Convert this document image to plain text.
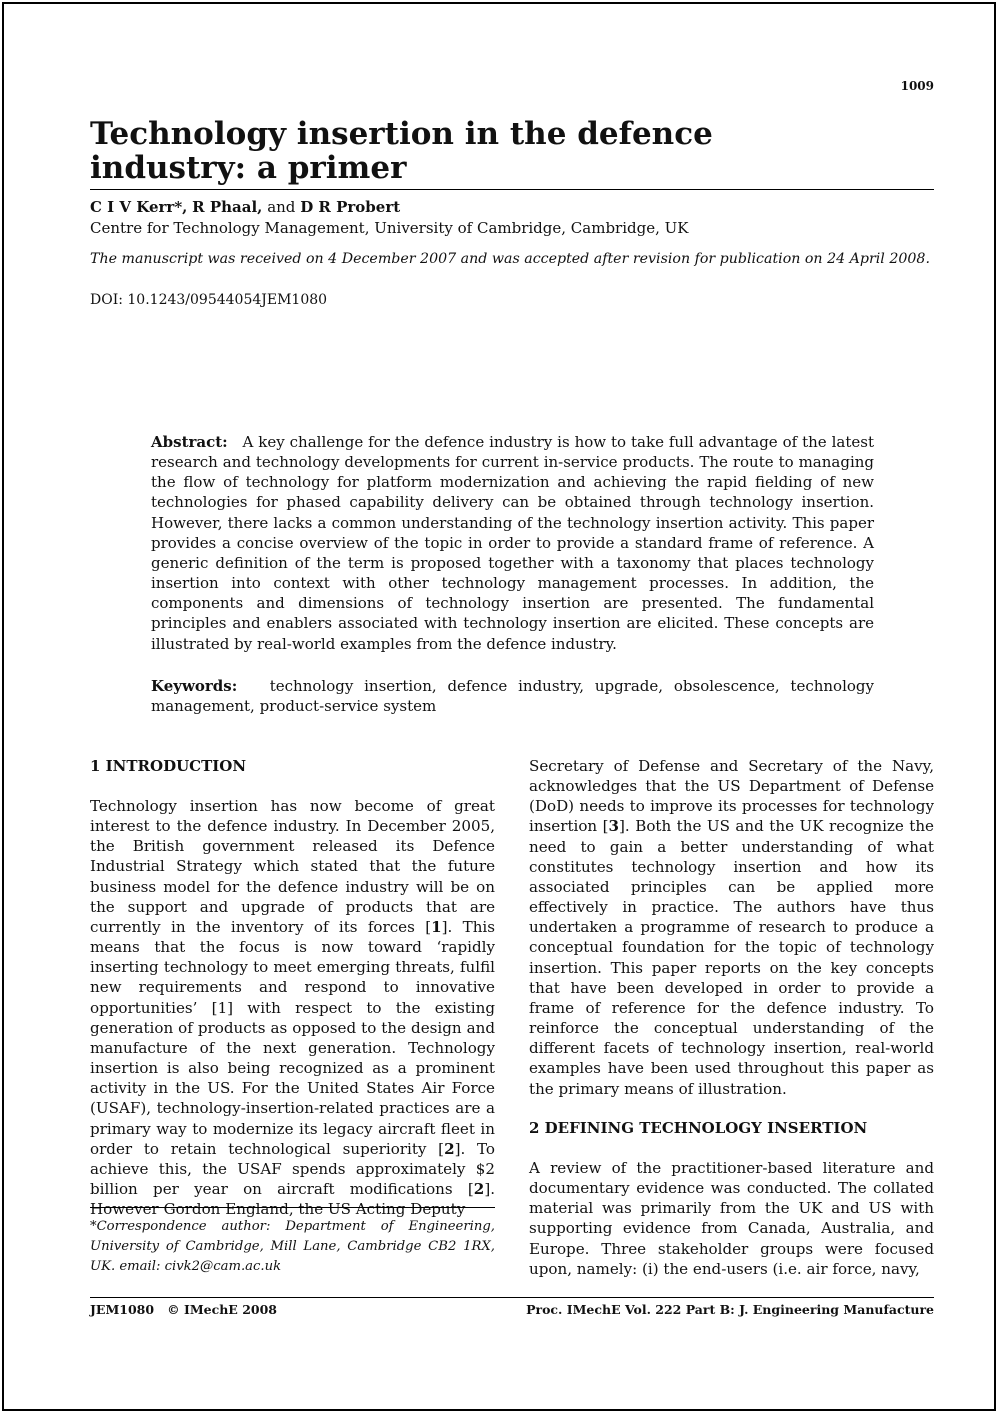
1009
Technology insertion in the defence
industry: a primer
C I V Kerr*, R Phaal, and D R Probert
Centre for Technology Management, University of Cambridge, Cambridge, UK
The manuscript was received on 4 December 2007 and was accepted after revision for publication on 24 April 2008.
DOI: 10.1243/09544054JEM1080

Abstract: A key challenge for the defence industry is how to take full advantage of the latest research and technology developments for current in-service products. The route to managing the flow of technology for platform modernization and achieving the rapid fielding of new technologies for phased capability delivery can be obtained through technology insertion. However, there lacks a common understanding of the technology insertion activity. This paper provides a concise overview of the topic in order to provide a standard frame of reference. A generic definition of the term is proposed together with a taxonomy that places technology insertion into context with other technology management processes. In addition, the components and dimensions of technology insertion are presented. The fundamental principles and enablers associated with technology insertion are elicited. These concepts are illustrated by real-world examples from the defence industry.

Keywords: technology insertion, defence industry, upgrade, obsolescence, technology management, product-service system

1 INTRODUCTION

Technology insertion has now become of great interest to the defence industry. In December 2005, the British government released its Defence Industrial Strategy which stated that the future business model for the defence industry will be on the support and upgrade of products that are currently in the inventory of its forces [1]. This means that the focus is now toward ‘rapidly inserting technology to meet emerging threats, fulfil new requirements and respond to innovative opportunities’ [1] with respect to the existing generation of products as opposed to the design and manufacture of the next generation. Technology insertion is also being recognized as a prominent activity in the US. For the United States Air Force (USAF), technology-insertion-related practices are a primary way to modernize its legacy aircraft fleet in order to retain technological superiority [2]. To achieve this, the USAF spends approximately $2 billion per year on aircraft modifications [2]. However Gordon England, the US Acting Deputy

*Correspondence author: Department of Engineering, University of Cambridge, Mill Lane, Cambridge CB2 1RX, UK. email: civk2@cam.ac.uk

Secretary of Defense and Secretary of the Navy, acknowledges that the US Department of Defense (DoD) needs to improve its processes for technology insertion [3]. Both the US and the UK recognize the need to gain a better understanding of what constitutes technology insertion and how its associated principles can be applied more effectively in practice. The authors have thus undertaken a programme of research to produce a conceptual foundation for the topic of technology insertion. This paper reports on the key concepts that have been developed in order to provide a frame of reference for the defence industry. To reinforce the conceptual understanding of the different facets of technology insertion, real-world examples have been used throughout this paper as the primary means of illustration.

2 DEFINING TECHNOLOGY INSERTION

A review of the practitioner-based literature and documentary evidence was conducted. The collated material was primarily from the UK and US with supporting evidence from Canada, Australia, and Europe. Three stakeholder groups were focused upon, namely: (i) the end-users (i.e. air force, navy,

JEM1080   © IMechE 2008	Proc. IMechE Vol. 222 Part B: J. Engineering Manufacture
